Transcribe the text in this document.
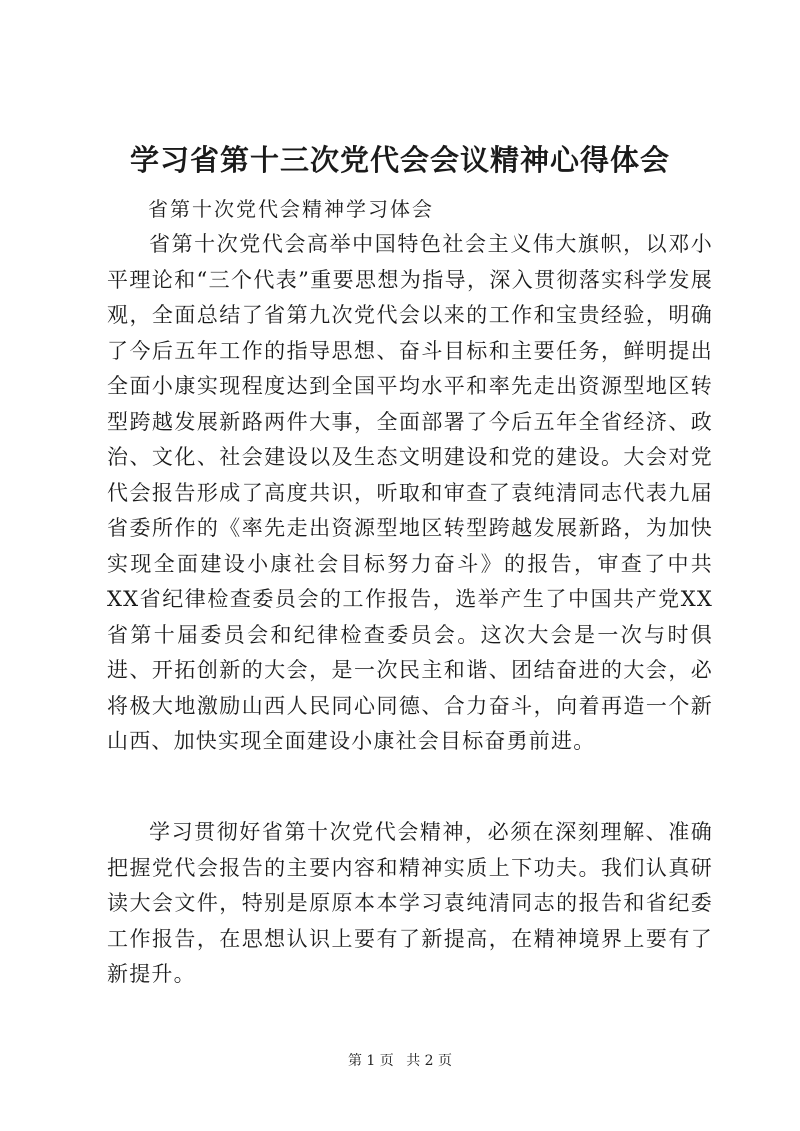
学习省第十三次党代会会议精神心得体会

省第十次党代会精神学习体会

省第十次党代会高举中国特色社会主义伟大旗帜，以邓小平理论和“三个代表”重要思想为指导，深入贯彻落实科学发展观，全面总结了省第九次党代会以来的工作和宝贵经验，明确了今后五年工作的指导思想、奋斗目标和主要任务，鲜明提出全面小康实现程度达到全国平均水平和率先走出资源型地区转型跨越发展新路两件大事，全面部署了今后五年全省经济、政治、文化、社会建设以及生态文明建设和党的建设。大会对党代会报告形成了高度共识，听取和审查了袁纯清同志代表九届省委所作的《率先走出资源型地区转型跨越发展新路，为加快实现全面建设小康社会目标努力奋斗》的报告，审查了中共XX省纪律检查委员会的工作报告，选举产生了中国共产党XX省第十届委员会和纪律检查委员会。这次大会是一次与时俱进、开拓创新的大会，是一次民主和谐、团结奋进的大会，必将极大地激励山西人民同心同德、合力奋斗，向着再造一个新山西、加快实现全面建设小康社会目标奋勇前进。

学习贯彻好省第十次党代会精神，必须在深刻理解、准确把握党代会报告的主要内容和精神实质上下功夫。我们认真研读大会文件，特别是原原本本学习袁纯清同志的报告和省纪委工作报告，在思想认识上要有了新提高，在精神境界上要有了新提升。

第 1 页 共 2 页
